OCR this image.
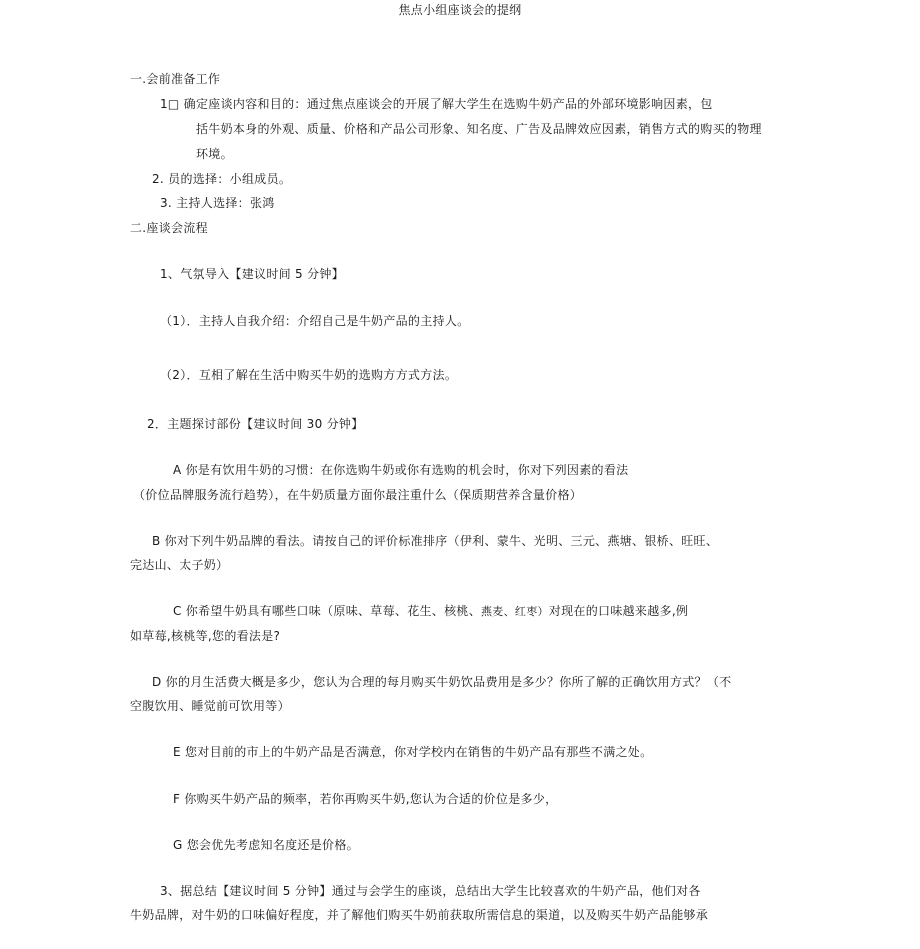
焦点小组座谈会的提纲
一.会前准备工作
1□ 确定座谈内容和目的：通过焦点座谈会的开展了解大学生在选购牛奶产品的外部环境影响因素，包
括牛奶本身的外观、质量、价格和产品公司形象、知名度、广告及品牌效应因素，销售方式的购买的物理
环境。
2. 员的选择：小组成员。
3. 主持人选择：张鸿
二.座谈会流程
1、气氛导入【建议时间 5 分钟】
（1）．主持人自我介绍：介绍自己是牛奶产品的主持人。
（2）．互相了解在生活中购买牛奶的选购方方式方法。
2．主题探讨部份【建议时间 30 分钟】
A 你是有饮用牛奶的习惯：在你选购牛奶或你有选购的机会时，你对下列因素的看法
（价位品牌服务流行趋势），在牛奶质量方面你最注重什么（保质期营养含量价格）
B 你对下列牛奶品牌的看法。请按自己的评价标准排序（伊利、蒙牛、光明、三元、燕塘、银桥、旺旺、
完达山、太子奶）
C 你希望牛奶具有哪些口味（原味、草莓、花生、核桃、燕麦、红枣）对现在的口味越来越多,例
如草莓,核桃等,您的看法是?
D 你的月生活费大概是多少，您认为合理的每月购买牛奶饮品费用是多少？你所了解的正确饮用方式？（不
空腹饮用、睡觉前可饮用等）
E 您对目前的市上的牛奶产品是否满意，你对学校内在销售的牛奶产品有那些不满之处。
F 你购买牛奶产品的频率，若你再购买牛奶,您认为合适的价位是多少，
G 您会优先考虑知名度还是价格。
3、据总结【建议时间 5 分钟】通过与会学生的座谈，总结出大学生比较喜欢的牛奶产品，他们对各
牛奶品牌，对牛奶的口味偏好程度，并了解他们购买牛奶前获取所需信息的渠道，以及购买牛奶产品能够承
